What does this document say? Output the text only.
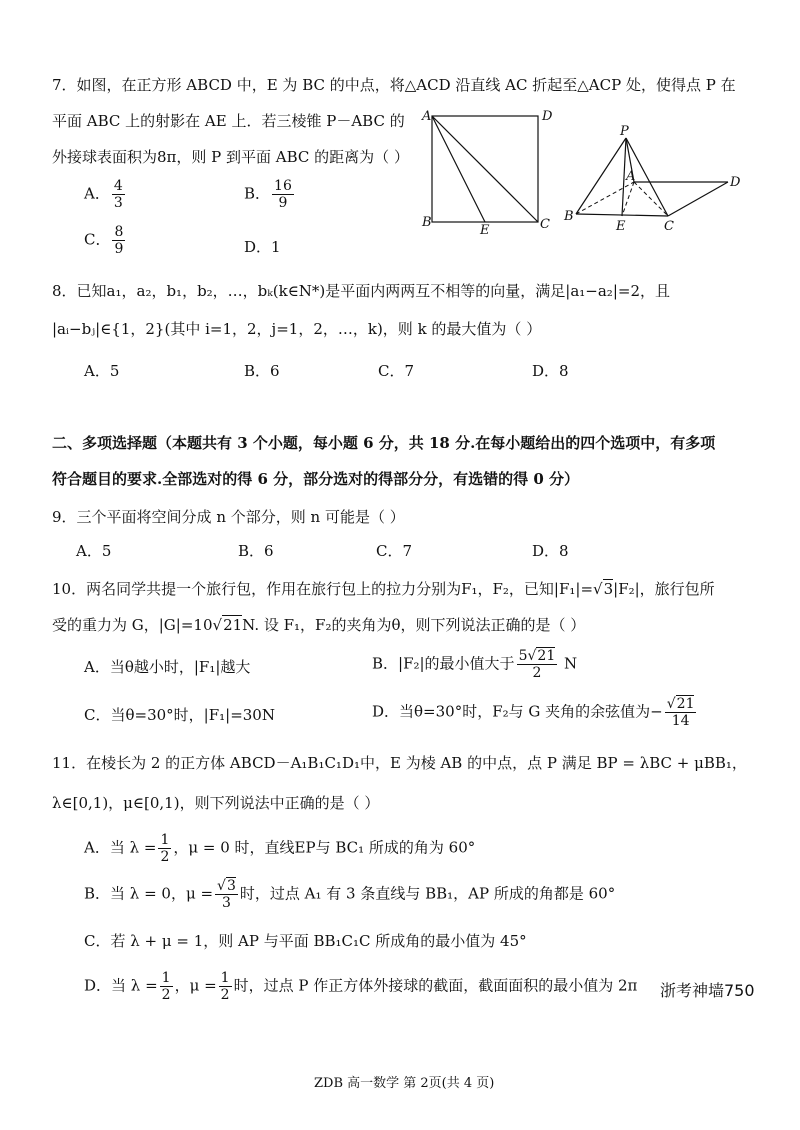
7．如图，在正方形 ABCD 中，E 为 BC 的中点，将△ACD 沿直线 AC 折起至△ACP 处，使得点 P 在
平面 ABC 上的射影在 AE 上．若三棱锥 P－ABC 的
外接球表面积为8π，则 P 到平面 ABC 的距离为（ ）
A． $\frac{4}{3}$	B． $\frac{16}{9}$
C． $\frac{8}{9}$	D．1
A	D
B
E	C
P
A	D
B
E	C
8．已知a₁，a₂，b₁，b₂，…，bₖ(k∈N*)是平面内两两互不相等的向量，满足|a₁−a₂|=2，且
|aᵢ−bⱼ|∈{1，2}(其中 i=1，2，j=1，2，…，k)，则 k 的最大值为（ ）
A．5	B．6	C．7	D．8
二、多项选择题（本题共有 3 个小题，每小题 6 分，共 18 分.在每小题给出的四个选项中，有多项
符合题目的要求.全部选对的得 6 分，部分选对的得部分分，有选错的得 0 分）
9．三个平面将空间分成 n 个部分，则 n 可能是（ ）
A．5	B．6	C．7	D．8
10．两名同学共提一个旅行包，作用在旅行包上的拉力分别为F₁，F₂，已知|F₁|=√3|F₂|，旅行包所
受的重力为 G，|G|=10√21N. 设 F₁，F₂的夹角为θ，则下列说法正确的是（ ）
A．当θ越小时，|F₁|越大	B．|F₂|的最小值大于 $\frac{5√21}{2}$ N
C．当θ=30°时，|F₁|=30N	D．当θ=30°时，F₂与 G 夹角的余弦值为− $\frac{√21}{14}$
11．在棱长为 2 的正方体 ABCD－A₁B₁C₁D₁中，E 为棱 AB 的中点，点 P 满足 BP = λBC + μBB₁，
λ∈[0,1)，μ∈[0,1)，则下列说法中正确的是（ ）
A．当 $\lambda = \frac{1}{2}$ ，μ = 0 时，直线EP与 BC₁ 所成的角为 60°
B．当 λ = 0，$\mu = \frac{√3}{3}$ 时，过点 A₁ 有 3 条直线与 BB₁，AP 所成的角都是 60°
C．若 λ + μ = 1，则 AP 与平面 BB₁C₁C 所成角的最小值为 45°
D．当 $\lambda = \frac{1}{2}$ ，$\mu = \frac{1}{2}$ 时，过点 P 作正方体外接球的截面，截面面积的最小值为 2π 浙考神墙750
ZDB 高一数学 第 2页(共 4 页)
